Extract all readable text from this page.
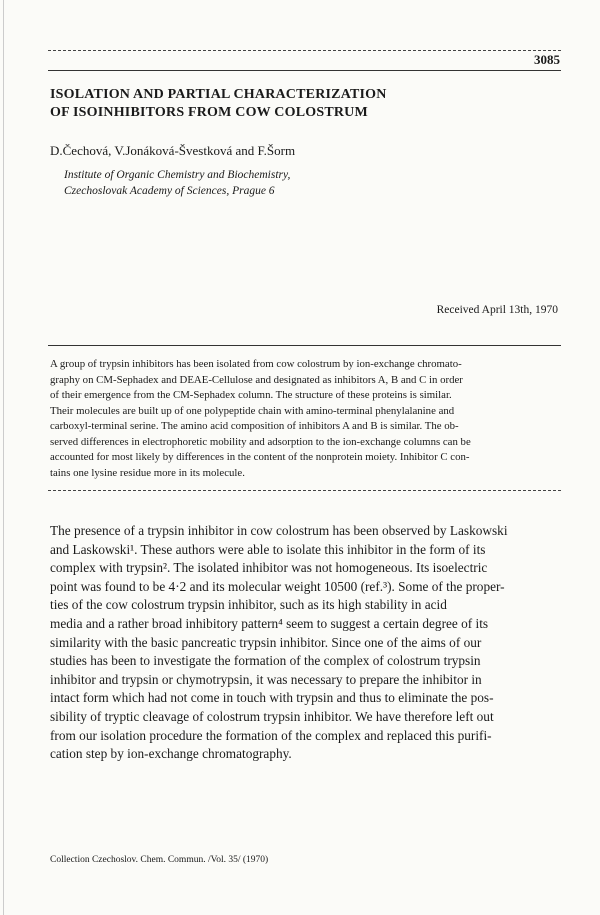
3085
ISOLATION AND PARTIAL CHARACTERIZATION
OF ISOINHIBITORS FROM COW COLOSTRUM
D.Čechová, V.Jonáková-Švestková and F.Šorm
Institute of Organic Chemistry and Biochemistry,
Czechoslovak Academy of Sciences, Prague 6
Received April 13th, 1970
A group of trypsin inhibitors has been isolated from cow colostrum by ion-exchange chromato-
graphy on CM-Sephadex and DEAE-Cellulose and designated as inhibitors A, B and C in order
of their emergence from the CM-Sephadex column. The structure of these proteins is similar.
Their molecules are built up of one polypeptide chain with amino-terminal phenylalanine and
carboxyl-terminal serine. The amino acid composition of inhibitors A and B is similar. The ob-
served differences in electrophoretic mobility and adsorption to the ion-exchange columns can be
accounted for most likely by differences in the content of the nonprotein moiety. Inhibitor C con-
tains one lysine residue more in its molecule.
The presence of a trypsin inhibitor in cow colostrum has been observed by Laskowski
and Laskowski¹. These authors were able to isolate this inhibitor in the form of its
complex with trypsin². The isolated inhibitor was not homogeneous. Its isoelectric
point was found to be 4·2 and its molecular weight 10500 (ref.³). Some of the proper-
ties of the cow colostrum trypsin inhibitor, such as its high stability in acid
media and a rather broad inhibitory pattern⁴ seem to suggest a certain degree of its
similarity with the basic pancreatic trypsin inhibitor. Since one of the aims of our
studies has been to investigate the formation of the complex of colostrum trypsin
inhibitor and trypsin or chymotrypsin, it was necessary to prepare the inhibitor in
intact form which had not come in touch with trypsin and thus to eliminate the pos-
sibility of tryptic cleavage of colostrum trypsin inhibitor. We have therefore left out
from our isolation procedure the formation of the complex and replaced this purifi-
cation step by ion-exchange chromatography.
Collection Czechoslov. Chem. Commun. /Vol. 35/ (1970)
